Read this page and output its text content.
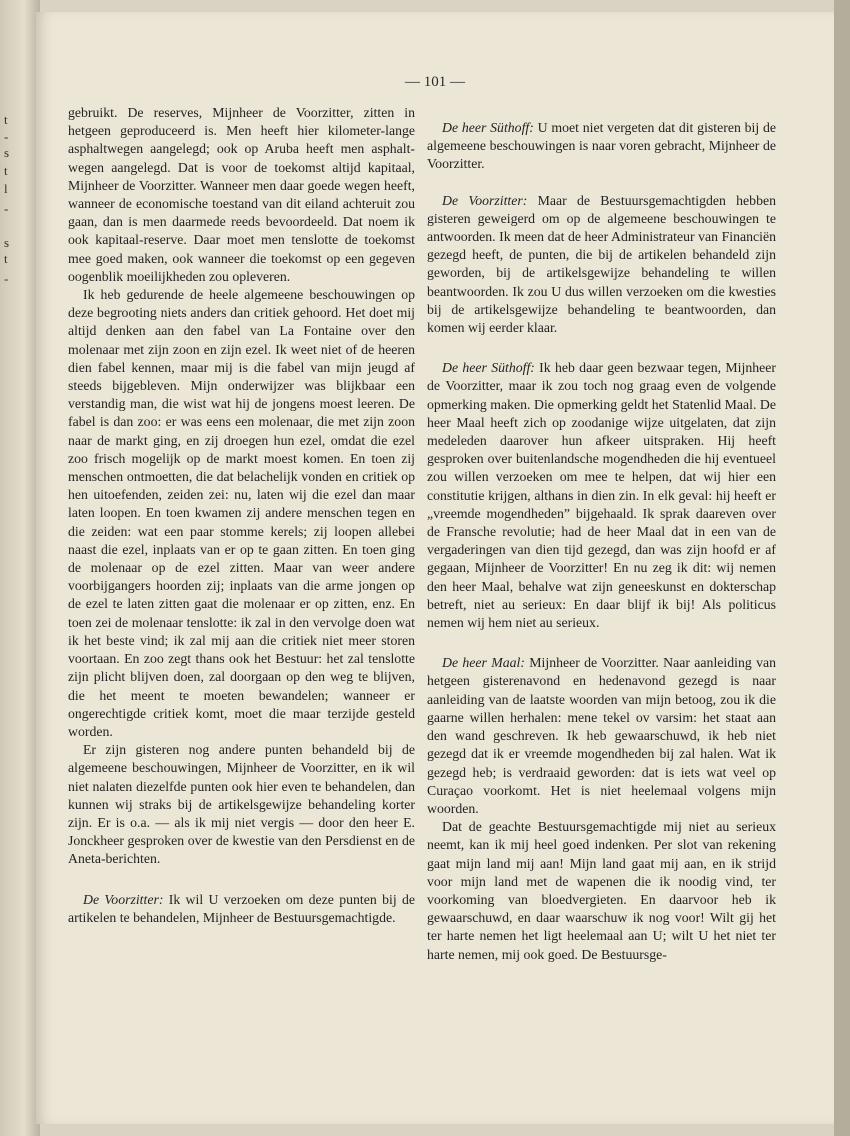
t
-
s
t
l
-
s
t
-
— 101 —

gebruikt. De reserves, Mijnheer de Voorzitter, zitten in hetgeen geproduceerd is. Men heeft hier kilometer-lange asphaltwegen aangelegd; ook op Aruba heeft men asphalt-wegen aangelegd. Dat is voor de toekomst altijd kapitaal, Mijnheer de Voorzitter. Wanneer men daar goede wegen heeft, wanneer de economische toestand van dit eiland achteruit zou gaan, dan is men daarmede reeds bevoordeeld. Dat noem ik ook kapitaal-reserve. Daar moet men tenslotte de toekomst mee goed maken, ook wanneer die toekomst op een gegeven oogenblik moeilijkheden zou opleveren.

Ik heb gedurende de heele algemeene beschouwingen op deze begrooting niets anders dan critiek gehoord. Het doet mij altijd denken aan den fabel van La Fontaine over den molenaar met zijn zoon en zijn ezel. Ik weet niet of de heeren dien fabel kennen, maar mij is die fabel van mijn jeugd af steeds bijgebleven. Mijn onderwijzer was blijkbaar een verstandig man, die wist wat hij de jongens moest leeren. De fabel is dan zoo: er was eens een molenaar, die met zijn zoon naar de markt ging, en zij droegen hun ezel, omdat die ezel zoo frisch mogelijk op de markt moest komen. En toen zij menschen ontmoetten, die dat belachelijk vonden en critiek op hen uitoefenden, zeiden zei: nu, laten wij die ezel dan maar laten loopen. En toen kwamen zij andere menschen tegen en die zeiden: wat een paar stomme kerels; zij loopen allebei naast die ezel, inplaats van er op te gaan zitten. En toen ging de molenaar op de ezel zitten. Maar van weer andere voorbijgangers hoorden zij; inplaats van die arme jongen op de ezel te laten zitten gaat die molenaar er op zitten, enz. En toen zei de molenaar tenslotte: ik zal in den vervolge doen wat ik het beste vind; ik zal mij aan die critiek niet meer storen voortaan. En zoo zegt thans ook het Bestuur: het zal tenslotte zijn plicht blijven doen, zal doorgaan op den weg te blijven, die het meent te moeten bewandelen; wanneer er ongerechtigde critiek komt, moet die maar terzijde gesteld worden.

Er zijn gisteren nog andere punten behandeld bij de algemeene beschouwingen, Mijnheer de Voorzitter, en ik wil niet nalaten diezelfde punten ook hier even te behandelen, dan kunnen wij straks bij de artikelsgewijze behandeling korter zijn. Er is o.a. — als ik mij niet vergis — door den heer E. Jonckheer gesproken over de kwestie van den Persdienst en de Aneta-berichten.

De Voorzitter: Ik wil U verzoeken om deze punten bij de artikelen te behandelen, Mijnheer de Bestuursgemachtigde.

De heer Süthoff: U moet niet vergeten dat dit gisteren bij de algemeene beschouwingen is naar voren gebracht, Mijnheer de Voorzitter.

De Voorzitter: Maar de Bestuursgemachtigden hebben gisteren geweigerd om op de algemeene beschouwingen te antwoorden. Ik meen dat de heer Administrateur van Financiën gezegd heeft, de punten, die bij de artikelen behandeld zijn geworden, bij de artikelsgewijze behandeling te willen beantwoorden. Ik zou U dus willen verzoeken om die kwesties bij de artikelsgewijze behandeling te beantwoorden, dan komen wij eerder klaar.

De heer Süthoff: Ik heb daar geen bezwaar tegen, Mijnheer de Voorzitter, maar ik zou toch nog graag even de volgende opmerking maken. Die opmerking geldt het Statenlid Maal. De heer Maal heeft zich op zoodanige wijze uitgelaten, dat zijn medeleden daarover hun afkeer uitspraken. Hij heeft gesproken over buitenlandsche mogendheden die hij eventueel zou willen verzoeken om mee te helpen, dat wij hier een constitutie krijgen, althans in dien zin. In elk geval: hij heeft er „vreemde mogendheden” bijgehaald. Ik sprak daareven over de Fransche revolutie; had de heer Maal dat in een van de vergaderingen van dien tijd gezegd, dan was zijn hoofd er af gegaan, Mijnheer de Voorzitter! En nu zeg ik dit: wij nemen den heer Maal, behalve wat zijn geneeskunst en dokterschap betreft, niet au serieux: En daar blijf ik bij! Als politicus nemen wij hem niet au serieux.

De heer Maal: Mijnheer de Voorzitter. Naar aanleiding van hetgeen gisterenavond en hedenavond gezegd is naar aanleiding van de laatste woorden van mijn betoog, zou ik die gaarne willen herhalen: mene tekel ov varsim: het staat aan den wand geschreven. Ik heb gewaarschuwd, ik heb niet gezegd dat ik er vreemde mogendheden bij zal halen. Wat ik gezegd heb; is verdraaid geworden: dat is iets wat veel op Curaçao voorkomt. Het is niet heelemaal volgens mijn woorden.

Dat de geachte Bestuursgemachtigde mij niet au serieux neemt, kan ik mij heel goed indenken. Per slot van rekening gaat mijn land mij aan! Mijn land gaat mij aan, en ik strijd voor mijn land met de wapenen die ik noodig vind, ter voorkoming van bloedvergieten. En daarvoor heb ik gewaarschuwd, en daar waarschuw ik nog voor! Wilt gij het ter harte nemen het ligt heelemaal aan U; wilt U het niet ter harte nemen, mij ook goed. De Bestuursge-
